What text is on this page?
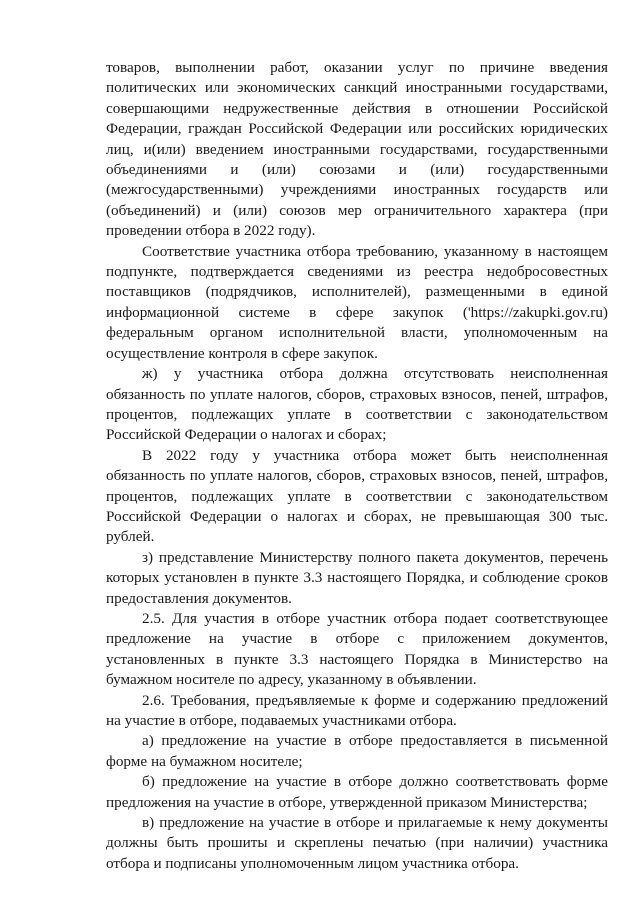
товаров, выполнении работ, оказании услуг по причине введения политических или экономических санкций иностранными государствами, совершающими недружественные действия в отношении Российской Федерации, граждан Российской Федерации или российских юридических лиц, и(или) введением иностранными государствами, государственными объединениями и (или) союзами и (или) государственными (межгосударственными) учреждениями иностранных государств или (объединений) и (или) союзов мер ограничительного характера (при проведении отбора в 2022 году).

Соответствие участника отбора требованию, указанному в настоящем подпункте, подтверждается сведениями из реестра недобросовестных поставщиков (подрядчиков, исполнителей), размещенными в единой информационной системе в сфере закупок ('https://zakupki.gov.ru) федеральным органом исполнительной власти, уполномоченным на осуществление контроля в сфере закупок.

ж) у участника отбора должна отсутствовать неисполненная обязанность по уплате налогов, сборов, страховых взносов, пеней, штрафов, процентов, подлежащих уплате в соответствии с законодательством Российской Федерации о налогах и сборах;

В 2022 году у участника отбора может быть неисполненная обязанность по уплате налогов, сборов, страховых взносов, пеней, штрафов, процентов, подлежащих уплате в соответствии с законодательством Российской Федерации о налогах и сборах, не превышающая 300 тыс. рублей.

з) представление Министерству полного пакета документов, перечень которых установлен в пункте 3.3 настоящего Порядка, и соблюдение сроков предоставления документов.

2.5. Для участия в отборе участник отбора подает соответствующее предложение на участие в отборе с приложением документов, установленных в пункте 3.3 настоящего Порядка в Министерство на бумажном носителе по адресу, указанному в объявлении.

2.6. Требования, предъявляемые к форме и содержанию предложений на участие в отборе, подаваемых участниками отбора.

а) предложение на участие в отборе предоставляется в письменной форме на бумажном носителе;

б) предложение на участие в отборе должно соответствовать форме предложения на участие в отборе, утвержденной приказом Министерства;

в) предложение на участие в отборе и прилагаемые к нему документы должны быть прошиты и скреплены печатью (при наличии) участника отбора и подписаны уполномоченным лицом участника отбора.
